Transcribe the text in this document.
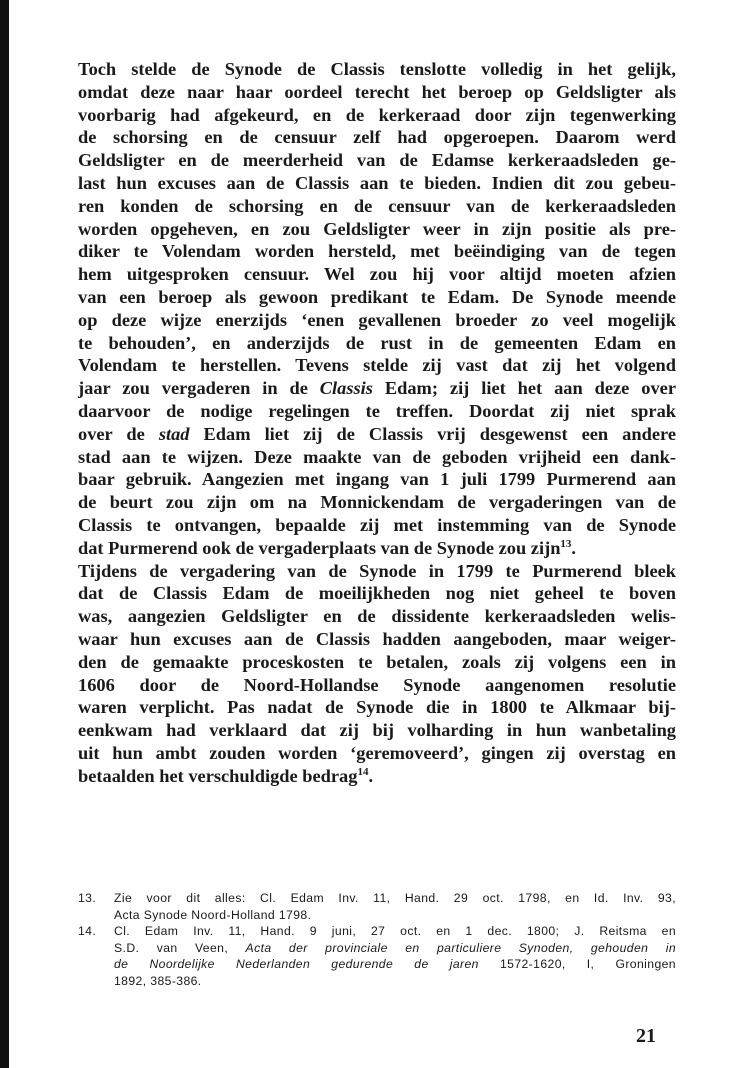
Toch stelde de Synode de Classis tenslotte volledig in het gelijk,
omdat deze naar haar oordeel terecht het beroep op Geldsligter als
voorbarig had afgekeurd, en de kerkeraad door zijn tegenwerking
de schorsing en de censuur zelf had opgeroepen. Daarom werd
Geldsligter en de meerderheid van de Edamse kerkeraadsleden ge-
last hun excuses aan de Classis aan te bieden. Indien dit zou gebeu-
ren konden de schorsing en de censuur van de kerkeraadsleden
worden opgeheven, en zou Geldsligter weer in zijn positie als pre-
diker te Volendam worden hersteld, met beëindiging van de tegen
hem uitgesproken censuur. Wel zou hij voor altijd moeten afzien
van een beroep als gewoon predikant te Edam. De Synode meende
op deze wijze enerzijds ‘enen gevallenen broeder zo veel mogelijk
te behouden’, en anderzijds de rust in de gemeenten Edam en
Volendam te herstellen. Tevens stelde zij vast dat zij het volgend
jaar zou vergaderen in de Classis Edam; zij liet het aan deze over
daarvoor de nodige regelingen te treffen. Doordat zij niet sprak
over de stad Edam liet zij de Classis vrij desgewenst een andere
stad aan te wijzen. Deze maakte van de geboden vrijheid een dank-
baar gebruik. Aangezien met ingang van 1 juli 1799 Purmerend aan
de beurt zou zijn om na Monnickendam de vergaderingen van de
Classis te ontvangen, bepaalde zij met instemming van de Synode
dat Purmerend ook de vergaderplaats van de Synode zou zijn$^{13}$.
Tijdens de vergadering van de Synode in 1799 te Purmerend bleek
dat de Classis Edam de moeilijkheden nog niet geheel te boven
was, aangezien Geldsligter en de dissidente kerkeraadsleden welis-
waar hun excuses aan de Classis hadden aangeboden, maar weiger-
den de gemaakte proceskosten te betalen, zoals zij volgens een in
1606 door de Noord-Hollandse Synode aangenomen resolutie
waren verplicht. Pas nadat de Synode die in 1800 te Alkmaar bij-
eenkwam had verklaard dat zij bij volharding in hun wanbetaling
uit hun ambt zouden worden ‘geremoveerd’, gingen zij overstag en
betaalden het verschuldigde bedrag$^{14}$.

13.	Zie voor dit alles: Cl. Edam Inv. 11, Hand. 29 oct. 1798, en Id. Inv. 93,
Acta Synode Noord-Holland 1798.
14.	Cl. Edam Inv. 11, Hand. 9 juni, 27 oct. en 1 dec. 1800; J. Reitsma en
S.D. van Veen, Acta der provinciale en particuliere Synoden, gehouden in
de Noordelijke Nederlanden gedurende de jaren 1572-1620, I, Groningen
1892, 385-386.
21
